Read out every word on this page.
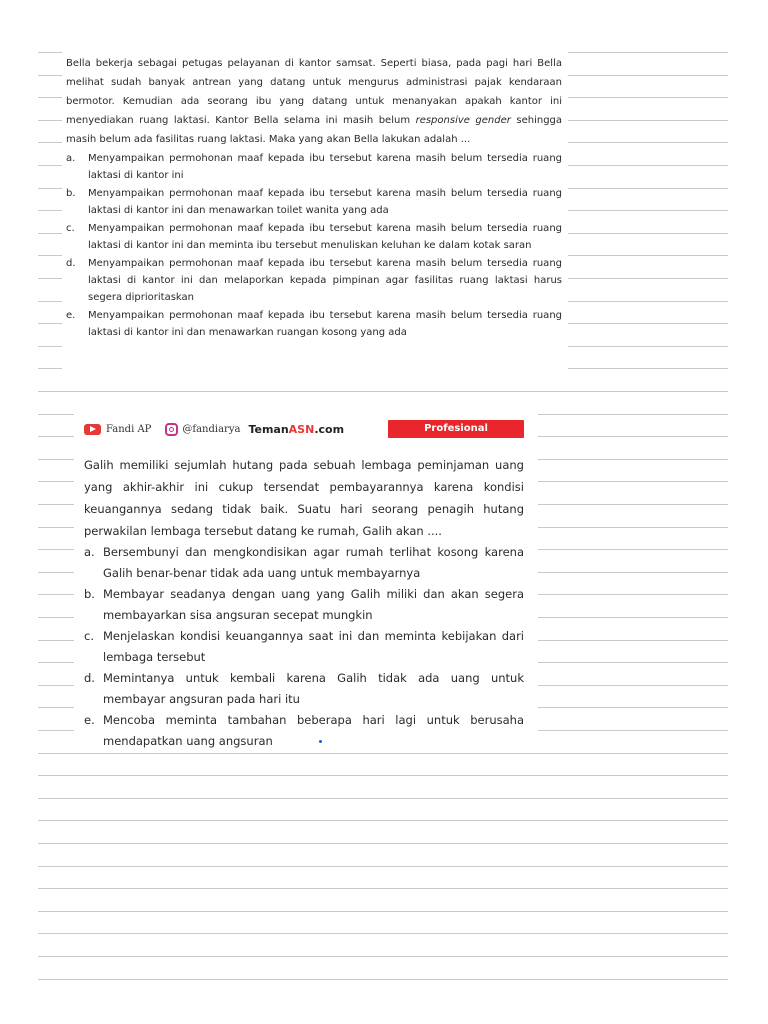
Bella bekerja sebagai petugas pelayanan di kantor samsat. Seperti biasa, pada pagi hari Bella melihat sudah banyak antrean yang datang untuk mengurus administrasi pajak kendaraan bermotor. Kemudian ada seorang ibu yang datang untuk menanyakan apakah kantor ini menyediakan ruang laktasi. Kantor Bella selama ini masih belum responsive gender sehingga masih belum ada fasilitas ruang laktasi. Maka yang akan Bella lakukan adalah ...
a.	Menyampaikan permohonan maaf kepada ibu tersebut karena masih belum tersedia ruang laktasi di kantor ini
b.	Menyampaikan permohonan maaf kepada ibu tersebut karena masih belum tersedia ruang laktasi di kantor ini dan menawarkan toilet wanita yang ada
c.	Menyampaikan permohonan maaf kepada ibu tersebut karena masih belum tersedia ruang laktasi di kantor ini dan meminta ibu tersebut menuliskan keluhan ke dalam kotak saran
d.	Menyampaikan permohonan maaf kepada ibu tersebut karena masih belum tersedia ruang laktasi di kantor ini dan melaporkan kepada pimpinan agar fasilitas ruang laktasi harus segera diprioritaskan
e.	Menyampaikan permohonan maaf kepada ibu tersebut karena masih belum tersedia ruang laktasi di kantor ini dan menawarkan ruangan kosong yang ada
Fandi AP	@fandiarya TemanASN.com	Profesional
Galih memiliki sejumlah hutang pada sebuah lembaga peminjaman uang yang akhir-akhir ini cukup tersendat pembayarannya karena kondisi keuangannya sedang tidak baik. Suatu hari seorang penagih hutang perwakilan lembaga tersebut datang ke rumah, Galih akan ....
a. Bersembunyi dan mengkondisikan agar rumah terlihat kosong karena Galih benar-benar tidak ada uang untuk membayarnya
b. Membayar seadanya dengan uang yang Galih miliki dan akan segera membayarkan sisa angsuran secepat mungkin
c. Menjelaskan kondisi keuangannya saat ini dan meminta kebijakan dari lembaga tersebut
d. Memintanya untuk kembali karena Galih tidak ada uang untuk membayar angsuran pada hari itu
e. Mencoba meminta tambahan beberapa hari lagi untuk berusaha mendapatkan uang angsuran
